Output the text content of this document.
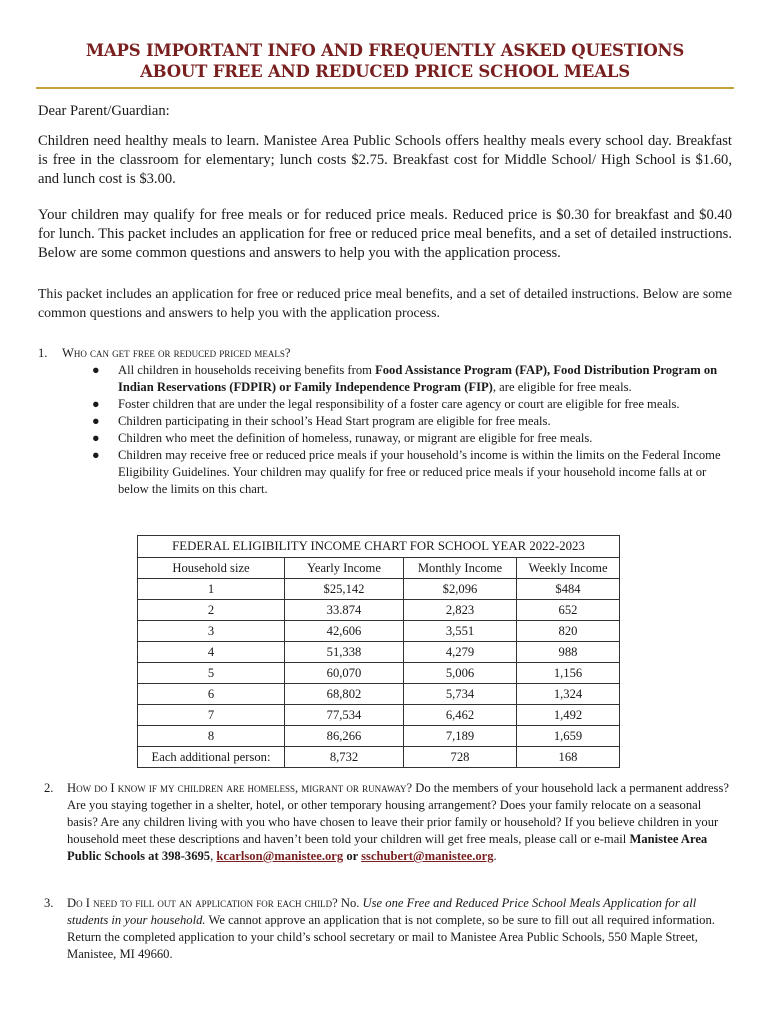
MAPS IMPORTANT INFO AND FREQUENTLY ASKED QUESTIONS
ABOUT FREE AND REDUCED PRICE SCHOOL MEALS
Dear Parent/Guardian:
Children need healthy meals to learn. Manistee Area Public Schools offers healthy meals every school day. Breakfast is free in the classroom for elementary; lunch costs $2.75. Breakfast cost for Middle School/ High School is $1.60, and lunch cost is $3.00.
Your children may qualify for free meals or for reduced price meals. Reduced price is $0.30 for breakfast and $0.40 for lunch. This packet includes an application for free or reduced price meal benefits, and a set of detailed instructions. Below are some common questions and answers to help you with the application process.
This packet includes an application for free or reduced price meal benefits, and a set of detailed instructions. Below are some common questions and answers to help you with the application process.
1. Who can get free or reduced priced meals?
● All children in households receiving benefits from Food Assistance Program (FAP), Food Distribution Program on Indian Reservations (FDPIR) or Family Independence Program (FIP), are eligible for free meals.
● Foster children that are under the legal responsibility of a foster care agency or court are eligible for free meals.
● Children participating in their school’s Head Start program are eligible for free meals.
● Children who meet the definition of homeless, runaway, or migrant are eligible for free meals.
● Children may receive free or reduced price meals if your household’s income is within the limits on the Federal Income Eligibility Guidelines. Your children may qualify for free or reduced price meals if your household income falls at or below the limits on this chart.
FEDERAL ELIGIBILITY INCOME CHART FOR SCHOOL YEAR 2022-2023			
Household size	Yearly Income	Monthly Income	Weekly Income
1	$25,142	$2,096	$484
2	33.874	2,823	652
3	42,606	3,551	820
4	51,338	4,279	988
5	60,070	5,006	1,156
6	68,802	5,734	1,324
7	77,534	6,462	1,492
8	86,266	7,189	1,659
Each additional person:	8,732	728	168
2. How do I know if my children are homeless, migrant or runaway? Do the members of your household lack a permanent address? Are you staying together in a shelter, hotel, or other temporary housing arrangement? Does your family relocate on a seasonal basis? Are any children living with you who have chosen to leave their prior family or household? If you believe children in your household meet these descriptions and haven’t been told your children will get free meals, please call or e-mail Manistee Area Public Schools at 398-3695, kcarlson@manistee.org or sschubert@manistee.org.
3. Do I need to fill out an application for each child? No. Use one Free and Reduced Price School Meals Application for all students in your household. We cannot approve an application that is not complete, so be sure to fill out all required information. Return the completed application to your child’s school secretary or mail to Manistee Area Public Schools, 550 Maple Street, Manistee, MI 49660.
